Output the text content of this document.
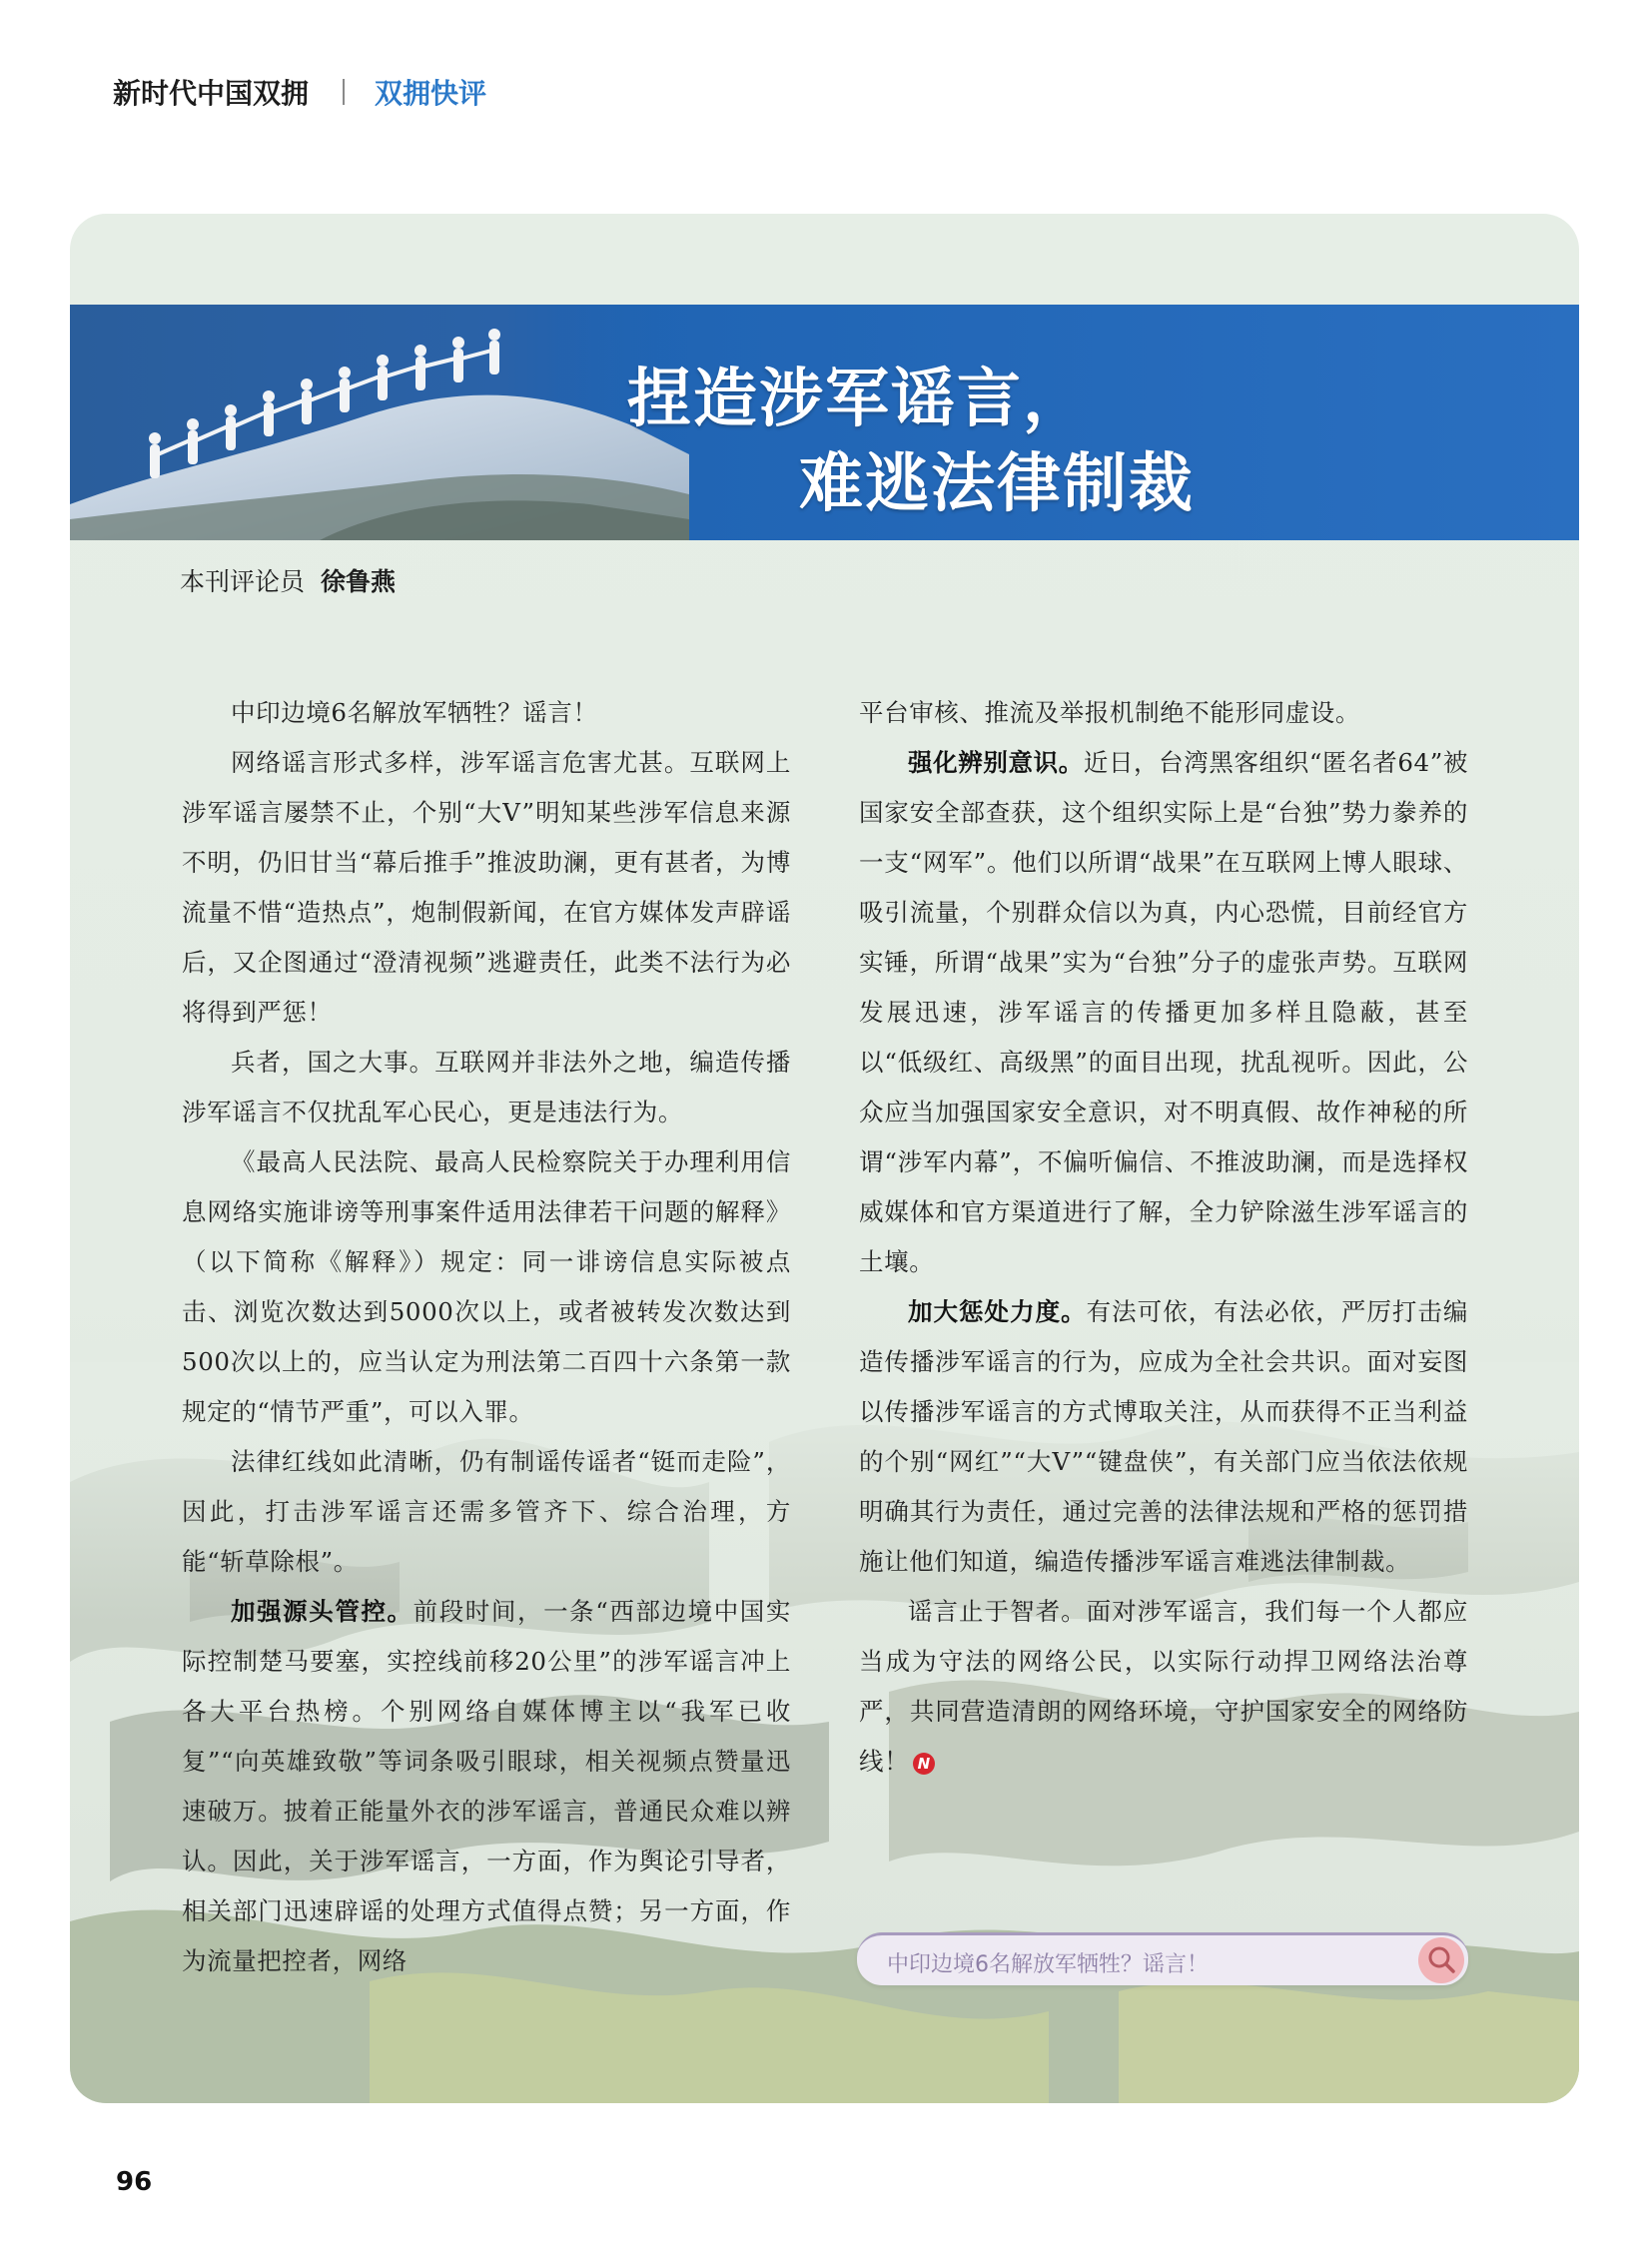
新时代中国双拥 双拥快评
捏造涉军谣言，
难逃法律制裁
本刊评论员 徐鲁燕

中印边境6名解放军牺牲？谣言！

网络谣言形式多样，涉军谣言危害尤甚。互联网上涉军谣言屡禁不止，个别“大V”明知某些涉军信息来源不明，仍旧甘当“幕后推手”推波助澜，更有甚者，为博流量不惜“造热点”，炮制假新闻，在官方媒体发声辟谣后，又企图通过“澄清视频”逃避责任，此类不法行为必将得到严惩！

兵者，国之大事。互联网并非法外之地，编造传播涉军谣言不仅扰乱军心民心，更是违法行为。

《最高人民法院、最高人民检察院关于办理利用信息网络实施诽谤等刑事案件适用法律若干问题的解释》（以下简称《解释》）规定：同一诽谤信息实际被点击、浏览次数达到5000次以上，或者被转发次数达到500次以上的，应当认定为刑法第二百四十六条第一款规定的“情节严重”，可以入罪。

法律红线如此清晰，仍有制谣传谣者“铤而走险”，因此，打击涉军谣言还需多管齐下、综合治理，方能“斩草除根”。

加强源头管控。前段时间，一条“西部边境中国实际控制楚马要塞，实控线前移20公里”的涉军谣言冲上各大平台热榜。个别网络自媒体博主以“我军已收复”“向英雄致敬”等词条吸引眼球，相关视频点赞量迅速破万。披着正能量外衣的涉军谣言，普通民众难以辨认。因此，关于涉军谣言，一方面，作为舆论引导者，相关部门迅速辟谣的处理方式值得点赞；另一方面，作为流量把控者，网络

平台审核、推流及举报机制绝不能形同虚设。

强化辨别意识。近日，台湾黑客组织“匿名者64”被国家安全部查获，这个组织实际上是“台独”势力豢养的一支“网军”。他们以所谓“战果”在互联网上博人眼球、吸引流量，个别群众信以为真，内心恐慌，目前经官方实锤，所谓“战果”实为“台独”分子的虚张声势。互联网发展迅速，涉军谣言的传播更加多样且隐蔽，甚至以“低级红、高级黑”的面目出现，扰乱视听。因此，公众应当加强国家安全意识，对不明真假、故作神秘的所谓“涉军内幕”，不偏听偏信、不推波助澜，而是选择权威媒体和官方渠道进行了解，全力铲除滋生涉军谣言的土壤。

加大惩处力度。有法可依，有法必依，严厉打击编造传播涉军谣言的行为，应成为全社会共识。面对妄图以传播涉军谣言的方式博取关注，从而获得不正当利益的个别“网红”“大V”“键盘侠”，有关部门应当依法依规明确其行为责任，通过完善的法律法规和严格的惩罚措施让他们知道，编造传播涉军谣言难逃法律制裁。

谣言止于智者。面对涉军谣言，我们每一个人都应当成为守法的网络公民，以实际行动捍卫网络法治尊严，共同营造清朗的网络环境，守护国家安全的网络防线！ N

中印边境6名解放军牺牲？谣言！
96
